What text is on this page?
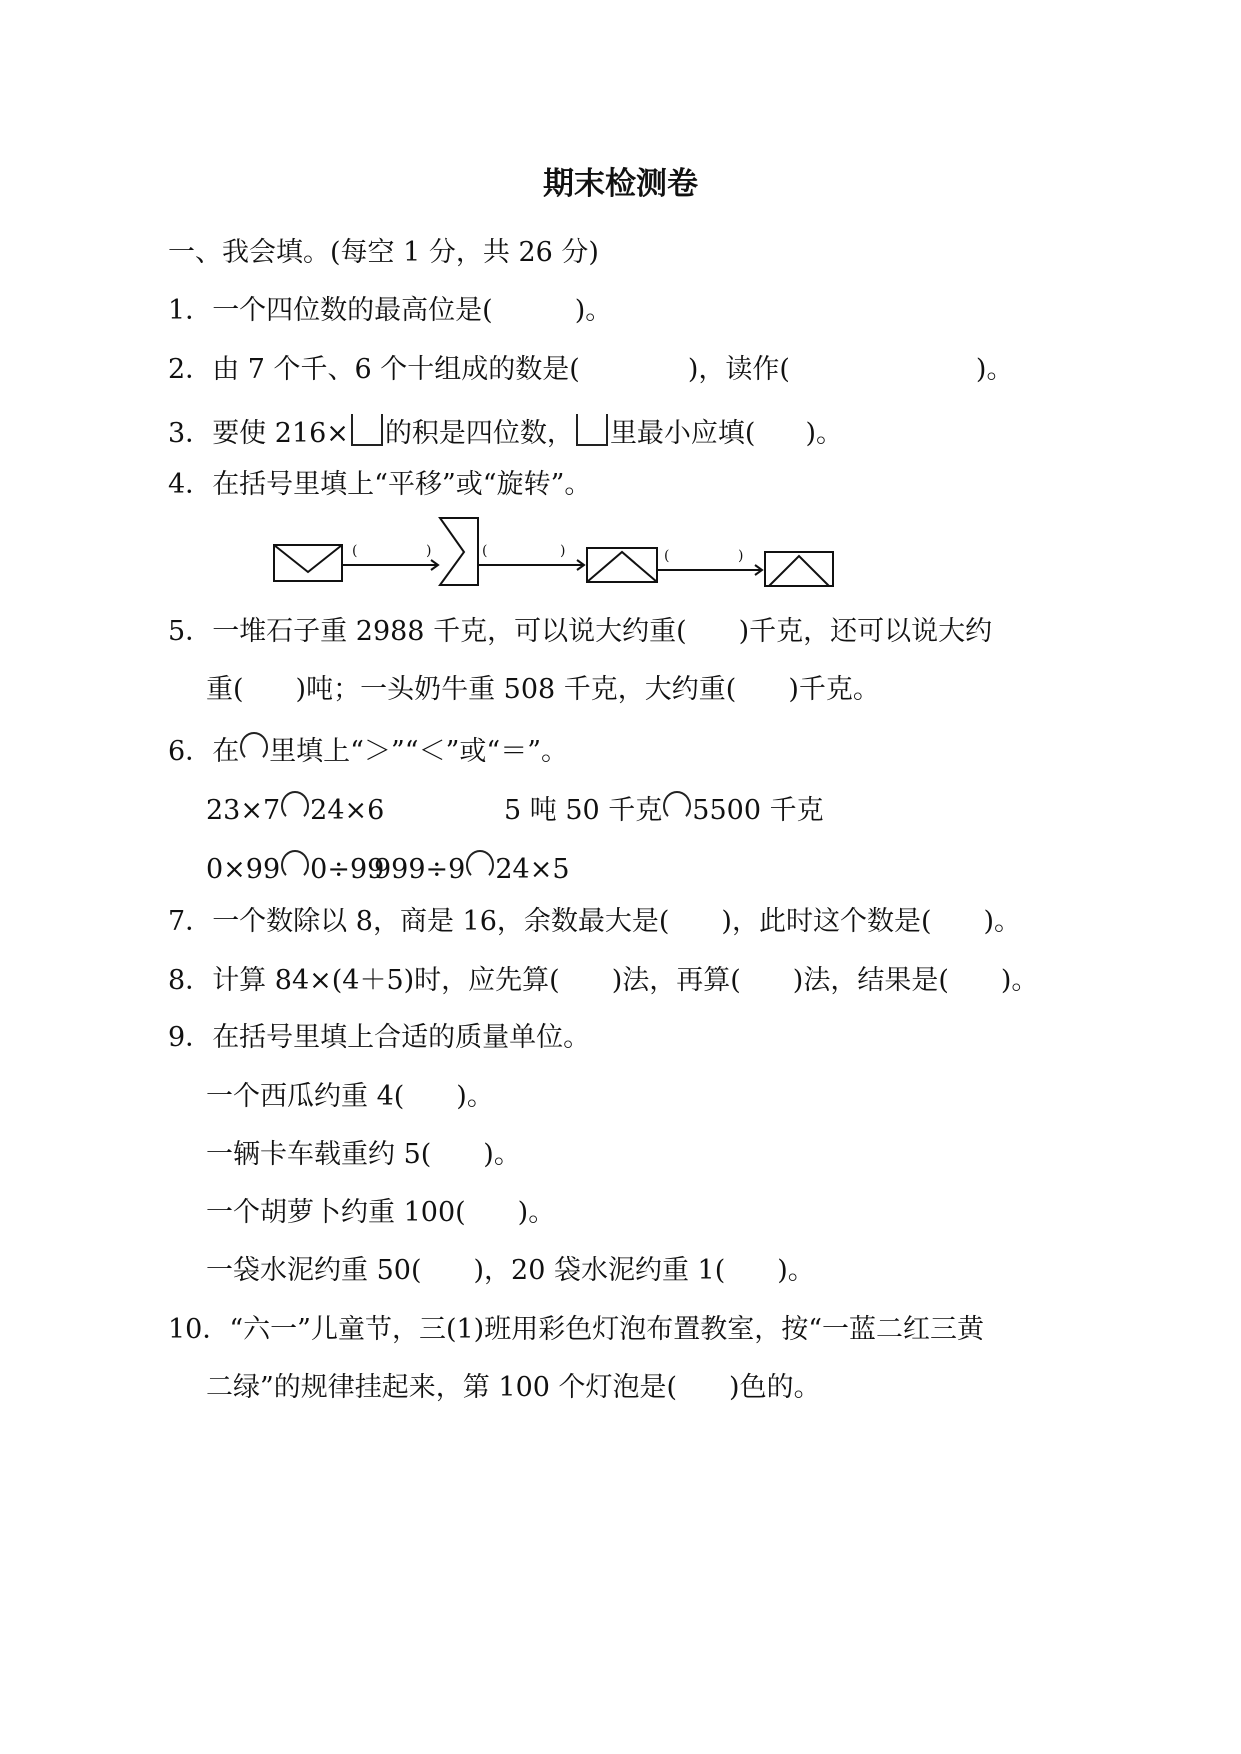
期末检测卷
一、我会填。(每空 1 分，共 26 分)
1．一个四位数的最高位是(	)。
2．由 7 个千、6 个十组成的数是(	)，读作(	)。
3．要使 216× 的积是四位数， 里最小应填( )。
4．在括号里填上“平移”或“旋转”。
(	)	(	)	(	)
5．一堆石子重 2988 千克，可以说大约重( )千克，还可以说大约
重( )吨；一头奶牛重 508 千克，大约重( )千克。
6．在 里填上“＞”“＜”或“＝”。
23×7 24×6	5 吨 50 千克 5500 千克
0×99 0÷99
999÷9 24×5
7．一个数除以 8，商是 16，余数最大是( )，此时这个数是( )。
8．计算 84×(4＋5)时，应先算( )法，再算( )法，结果是( )。
9．在括号里填上合适的质量单位。
一个西瓜约重 4( )。
一辆卡车载重约 5( )。
一个胡萝卜约重 100( )。
一袋水泥约重 50( )，20 袋水泥约重 1( )。
10．“六一”儿童节，三(1)班用彩色灯泡布置教室，按“一蓝二红三黄
二绿”的规律挂起来，第 100 个灯泡是( )色的。
